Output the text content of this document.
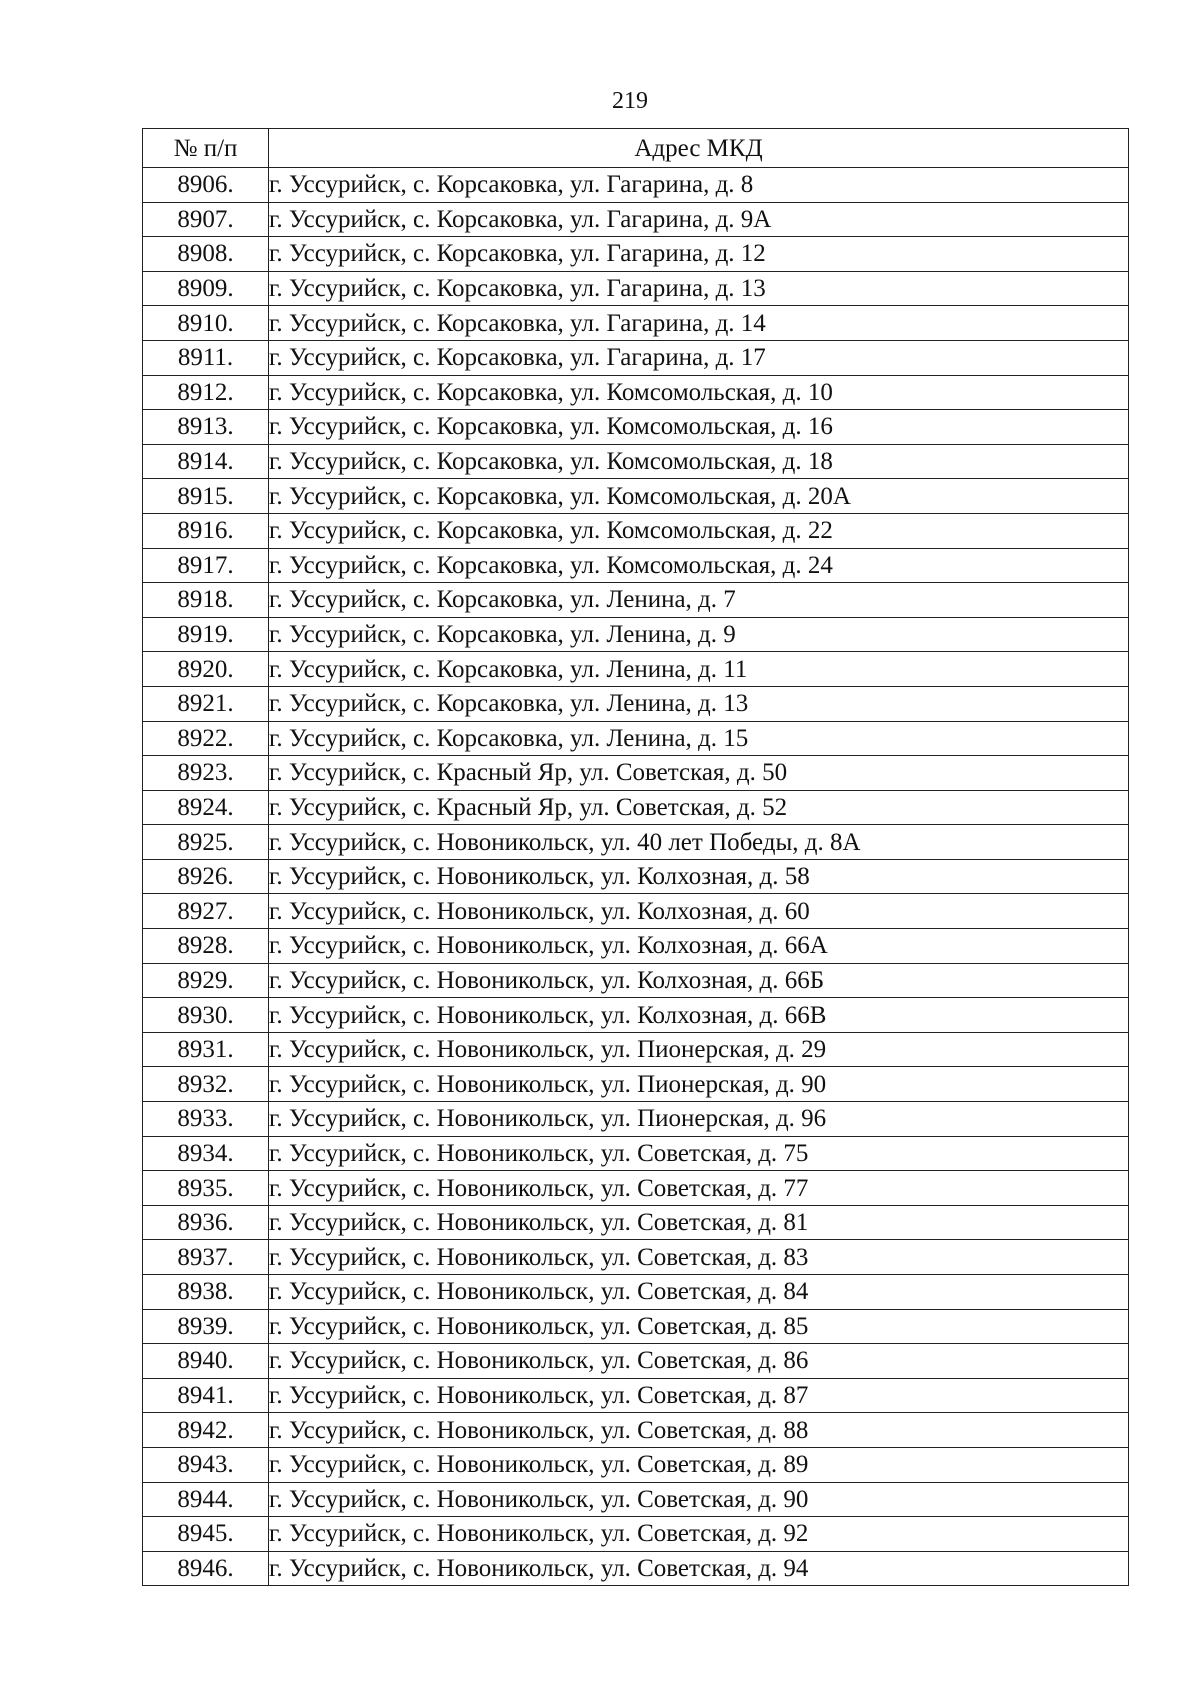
219
№ п/п	Адрес МКД
8906.	г. Уссурийск, с. Корсаковка, ул. Гагарина, д. 8
8907.	г. Уссурийск, с. Корсаковка, ул. Гагарина, д. 9А
8908.	г. Уссурийск, с. Корсаковка, ул. Гагарина, д. 12
8909.	г. Уссурийск, с. Корсаковка, ул. Гагарина, д. 13
8910.	г. Уссурийск, с. Корсаковка, ул. Гагарина, д. 14
8911.	г. Уссурийск, с. Корсаковка, ул. Гагарина, д. 17
8912.	г. Уссурийск, с. Корсаковка, ул. Комсомольская, д. 10
8913.	г. Уссурийск, с. Корсаковка, ул. Комсомольская, д. 16
8914.	г. Уссурийск, с. Корсаковка, ул. Комсомольская, д. 18
8915.	г. Уссурийск, с. Корсаковка, ул. Комсомольская, д. 20А
8916.	г. Уссурийск, с. Корсаковка, ул. Комсомольская, д. 22
8917.	г. Уссурийск, с. Корсаковка, ул. Комсомольская, д. 24
8918.	г. Уссурийск, с. Корсаковка, ул. Ленина, д. 7
8919.	г. Уссурийск, с. Корсаковка, ул. Ленина, д. 9
8920.	г. Уссурийск, с. Корсаковка, ул. Ленина, д. 11
8921.	г. Уссурийск, с. Корсаковка, ул. Ленина, д. 13
8922.	г. Уссурийск, с. Корсаковка, ул. Ленина, д. 15
8923.	г. Уссурийск, с. Красный Яр, ул. Советская, д. 50
8924.	г. Уссурийск, с. Красный Яр, ул. Советская, д. 52
8925.	г. Уссурийск, с. Новоникольск, ул. 40 лет Победы, д. 8А
8926.	г. Уссурийск, с. Новоникольск, ул. Колхозная, д. 58
8927.	г. Уссурийск, с. Новоникольск, ул. Колхозная, д. 60
8928.	г. Уссурийск, с. Новоникольск, ул. Колхозная, д. 66А
8929.	г. Уссурийск, с. Новоникольск, ул. Колхозная, д. 66Б
8930.	г. Уссурийск, с. Новоникольск, ул. Колхозная, д. 66В
8931.	г. Уссурийск, с. Новоникольск, ул. Пионерская, д. 29
8932.	г. Уссурийск, с. Новоникольск, ул. Пионерская, д. 90
8933.	г. Уссурийск, с. Новоникольск, ул. Пионерская, д. 96
8934.	г. Уссурийск, с. Новоникольск, ул. Советская, д. 75
8935.	г. Уссурийск, с. Новоникольск, ул. Советская, д. 77
8936.	г. Уссурийск, с. Новоникольск, ул. Советская, д. 81
8937.	г. Уссурийск, с. Новоникольск, ул. Советская, д. 83
8938.	г. Уссурийск, с. Новоникольск, ул. Советская, д. 84
8939.	г. Уссурийск, с. Новоникольск, ул. Советская, д. 85
8940.	г. Уссурийск, с. Новоникольск, ул. Советская, д. 86
8941.	г. Уссурийск, с. Новоникольск, ул. Советская, д. 87
8942.	г. Уссурийск, с. Новоникольск, ул. Советская, д. 88
8943.	г. Уссурийск, с. Новоникольск, ул. Советская, д. 89
8944.	г. Уссурийск, с. Новоникольск, ул. Советская, д. 90
8945.	г. Уссурийск, с. Новоникольск, ул. Советская, д. 92
8946.	г. Уссурийск, с. Новоникольск, ул. Советская, д. 94
